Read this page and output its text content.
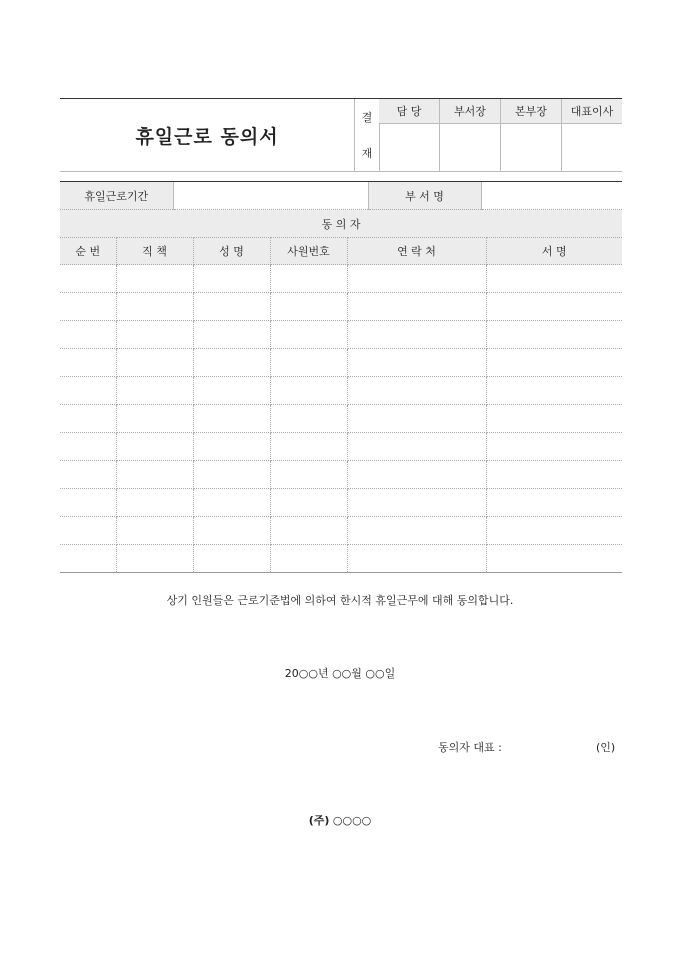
휴일근로 동의서
결
재
담 당	부서장	본부장	대표이사
휴일근로기간		부 서 명	
동 의 자					
순 번	직 책	성 명	사원번호	연 락 처	서 명

상기 인원들은 근로기준법에 의하여 한시적 휴일근무에 대해 동의합니다.
20○○년 ○○월 ○○일
동의자 대표 :	(인)
(주) ○○○○
